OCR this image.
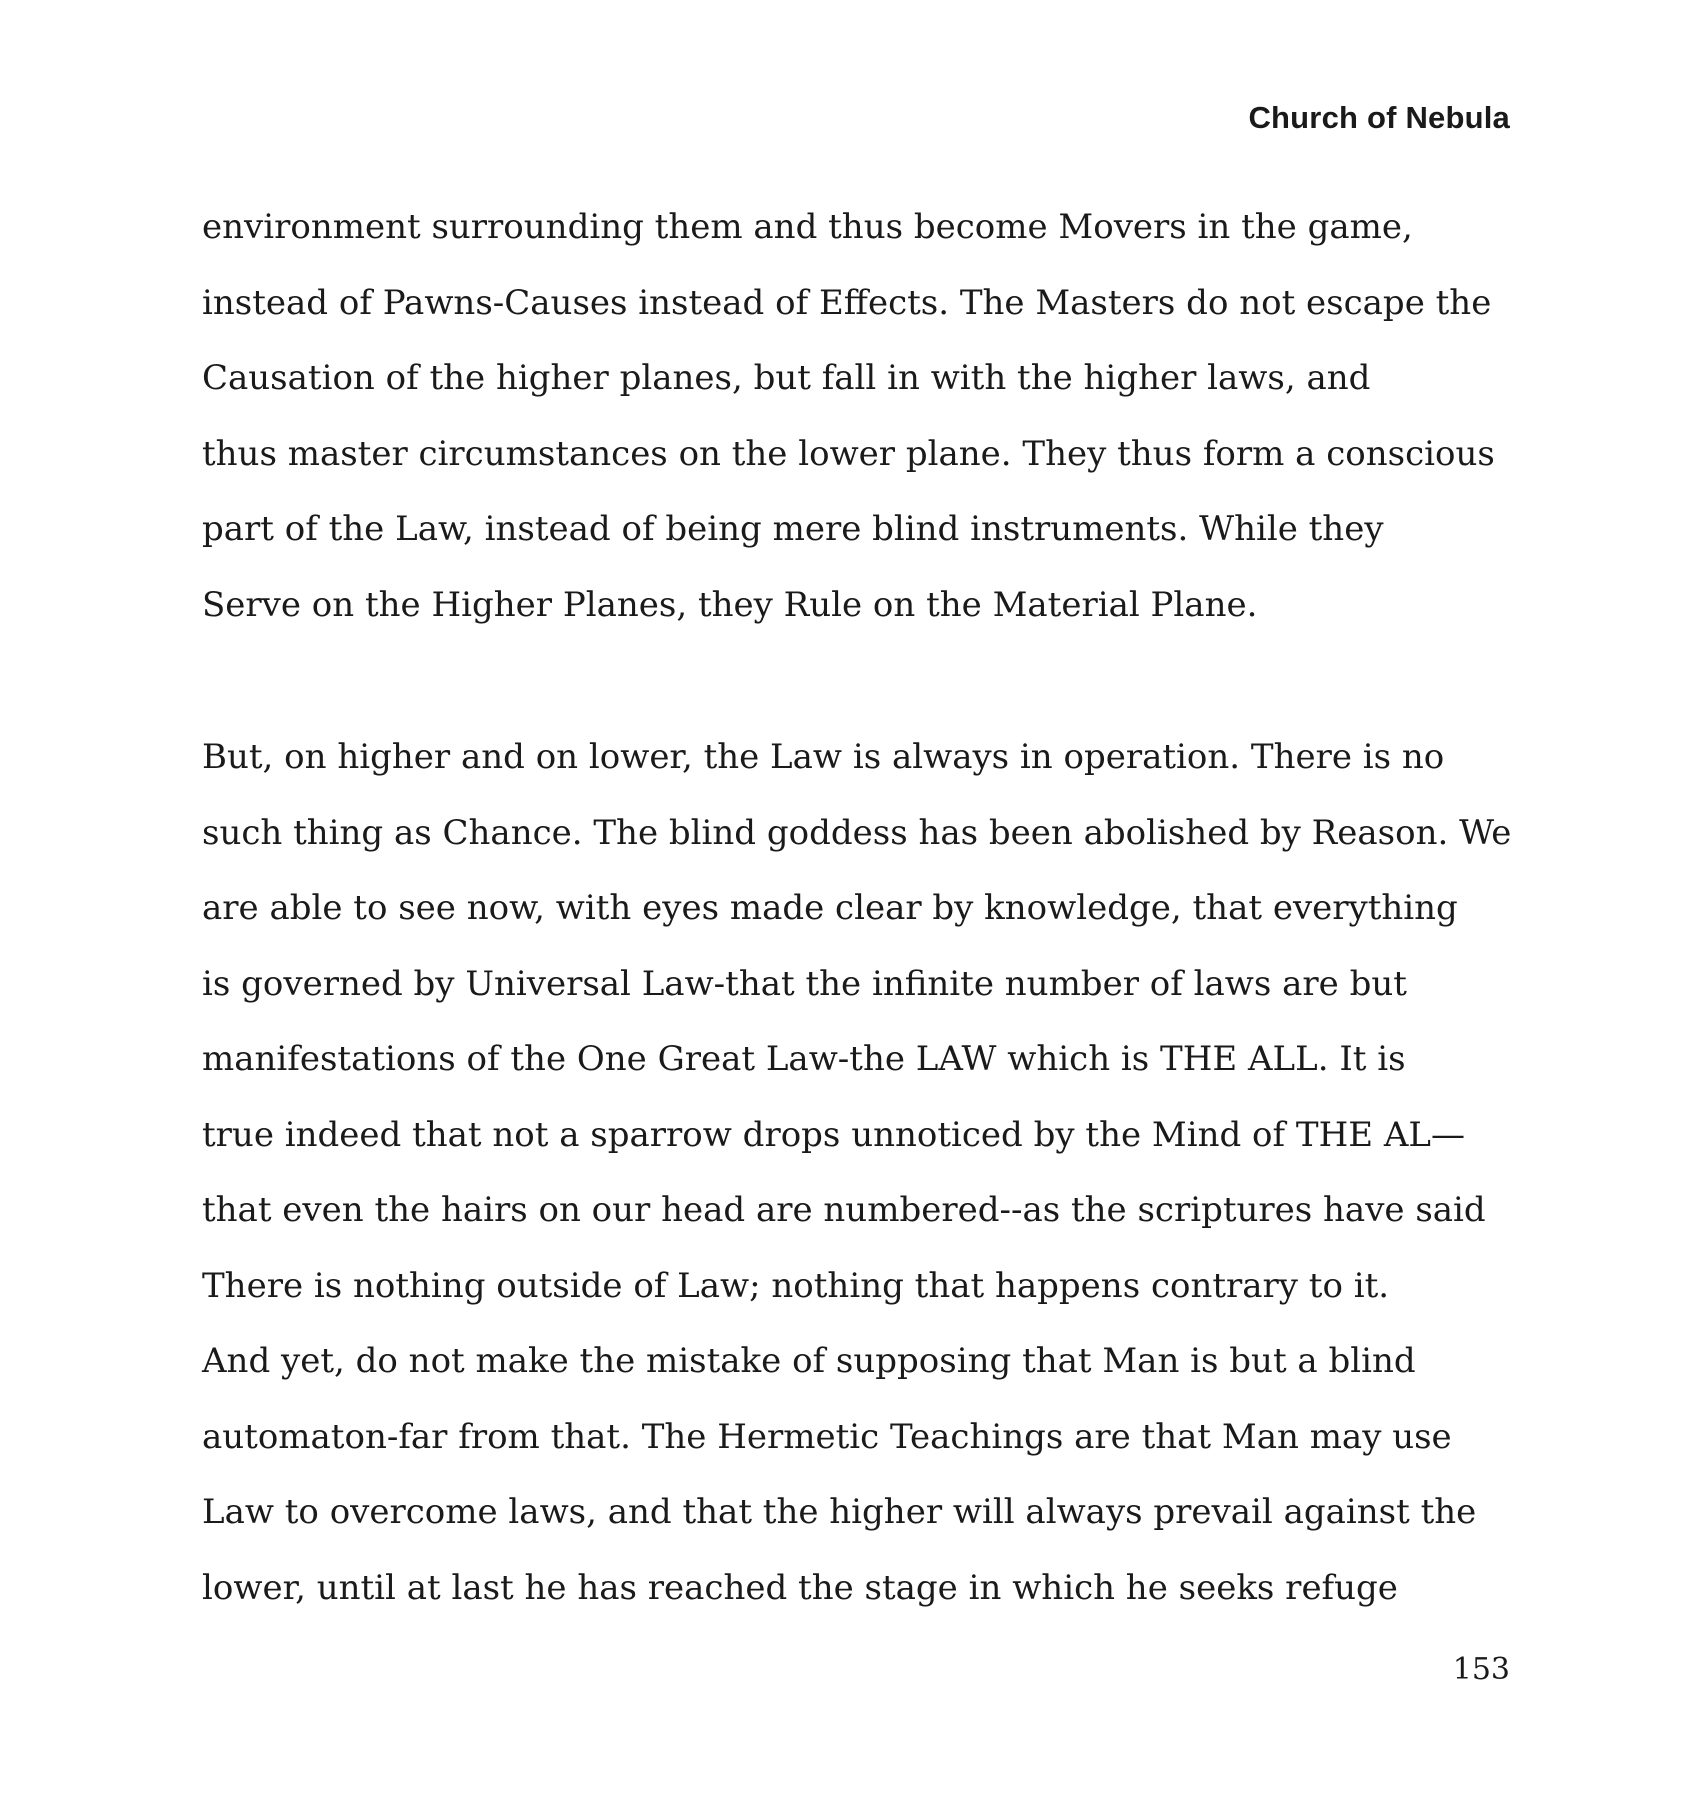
Church of Nebula
environment surrounding them and thus become Movers in the game,
instead of Pawns-Causes instead of Effects. The Masters do not escape the
Causation of the higher planes, but fall in with the higher laws, and
thus master circumstances on the lower plane. They thus form a conscious
part of the Law, instead of being mere blind instruments. While they
Serve on the Higher Planes, they Rule on the Material Plane.
But, on higher and on lower, the Law is always in operation. There is no
such thing as Chance. The blind goddess has been abolished by Reason. We
are able to see now, with eyes made clear by knowledge, that everything
is governed by Universal Law-that the infinite number of laws are but
manifestations of the One Great Law-the LAW which is THE ALL. It is
true indeed that not a sparrow drops unnoticed by the Mind of THE AL—
that even the hairs on our head are numbered--as the scriptures have said
There is nothing outside of Law; nothing that happens contrary to it.
And yet, do not make the mistake of supposing that Man is but a blind
automaton-far from that. The Hermetic Teachings are that Man may use
Law to overcome laws, and that the higher will always prevail against the
lower, until at last he has reached the stage in which he seeks refuge
153
